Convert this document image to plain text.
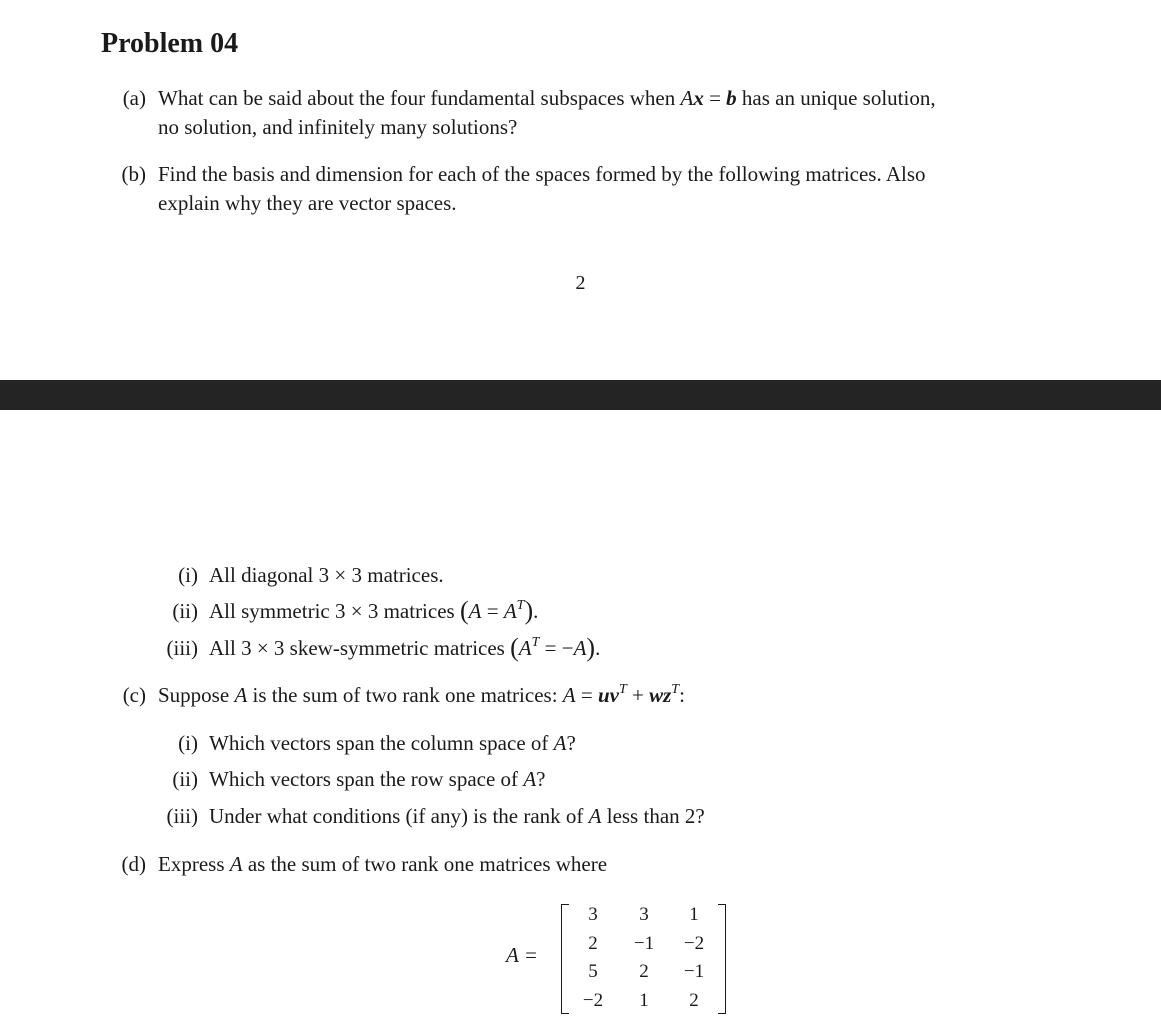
Problem 04
(a) What can be said about the four fundamental subspaces when Ax = b has an unique solution,
no solution, and infinitely many solutions?
(b) Find the basis and dimension for each of the spaces formed by the following matrices. Also
explain why they are vector spaces.
2
(i) All diagonal 3 × 3 matrices.
(ii) All symmetric 3 × 3 matrices $(A = A^T)$.
(iii) All 3 × 3 skew-symmetric matrices $(A^T = -A)$.
(c) Suppose A is the sum of two rank one matrices: $A = uv^T + wz^T$:
(i) Which vectors span the column space of A?
(ii) Which vectors span the row space of A?
(iii) Under what conditions (if any) is the rank of A less than 2?
(d) Express A as the sum of two rank one matrices where
A =
3	3	1
2	−1	−2
5	2	−1
−2	1	2
